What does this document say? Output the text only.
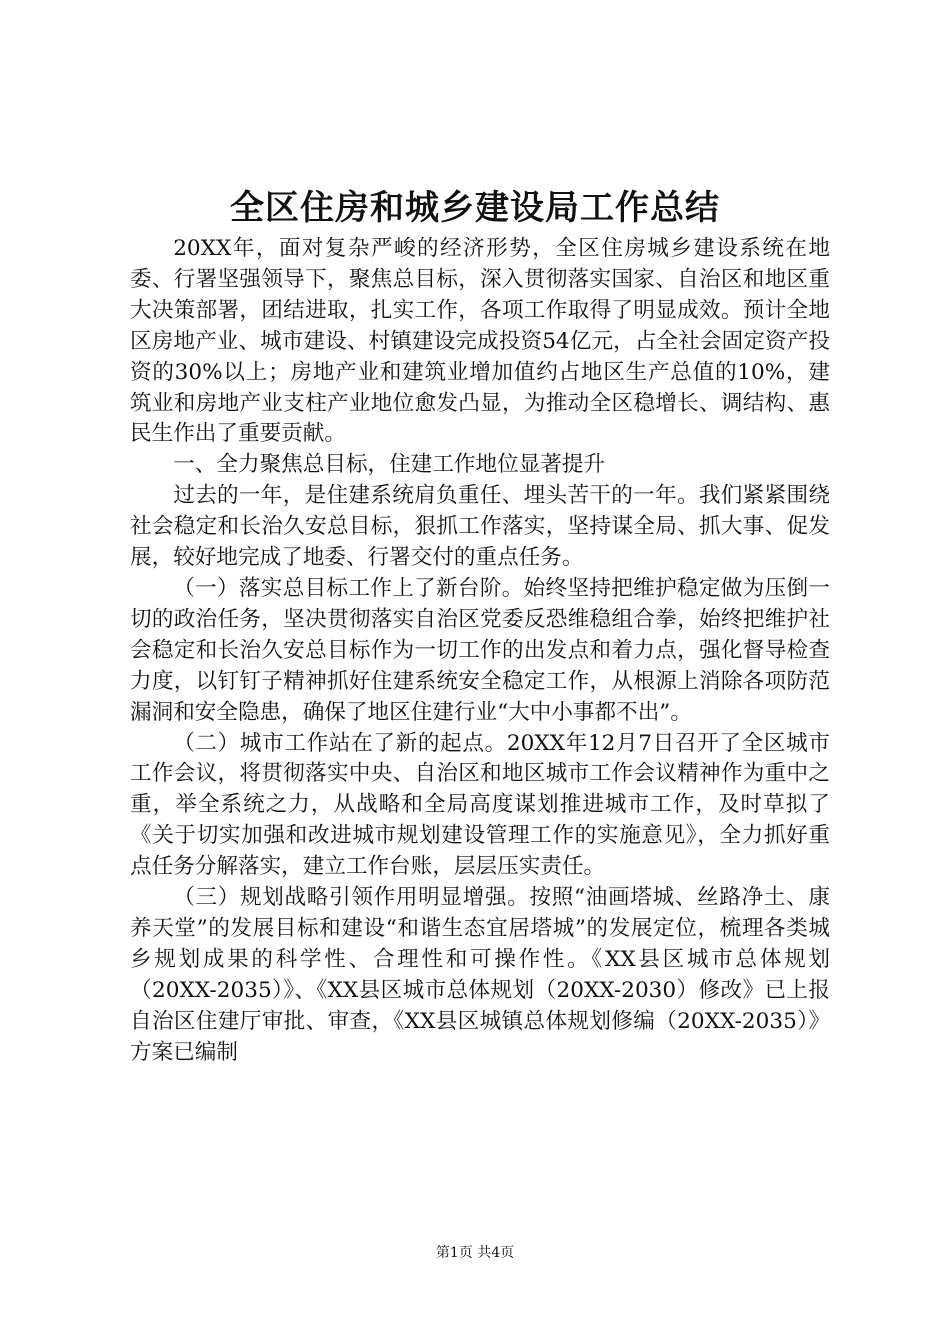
全区住房和城乡建设局工作总结

20XX年，面对复杂严峻的经济形势，全区住房城乡建设系统在地委、行署坚强领导下，聚焦总目标，深入贯彻落实国家、自治区和地区重大决策部署，团结进取，扎实工作，各项工作取得了明显成效。预计全地区房地产业、城市建设、村镇建设完成投资54亿元，占全社会固定资产投资的30%以上；房地产业和建筑业增加值约占地区生产总值的10%，建筑业和房地产业支柱产业地位愈发凸显，为推动全区稳增长、调结构、惠民生作出了重要贡献。

一、全力聚焦总目标，住建工作地位显著提升

过去的一年，是住建系统肩负重任、埋头苦干的一年。我们紧紧围绕社会稳定和长治久安总目标，狠抓工作落实，坚持谋全局、抓大事、促发展，较好地完成了地委、行署交付的重点任务。

（一）落实总目标工作上了新台阶。始终坚持把维护稳定做为压倒一切的政治任务，坚决贯彻落实自治区党委反恐维稳组合拳，始终把维护社会稳定和长治久安总目标作为一切工作的出发点和着力点，强化督导检查力度，以钉钉子精神抓好住建系统安全稳定工作，从根源上消除各项防范漏洞和安全隐患，确保了地区住建行业“大中小事都不出”。

（二）城市工作站在了新的起点。20XX年12月7日召开了全区城市工作会议，将贯彻落实中央、自治区和地区城市工作会议精神作为重中之重，举全系统之力，从战略和全局高度谋划推进城市工作，及时草拟了《关于切实加强和改进城市规划建设管理工作的实施意见》，全力抓好重点任务分解落实，建立工作台账，层层压实责任。

（三）规划战略引领作用明显增强。按照“油画塔城、丝路净土、康养天堂”的发展目标和建设“和谐生态宜居塔城”的发展定位，梳理各类城乡规划成果的科学性、合理性和可操作性。《XX县区城市总体规划（20XX-2035）》、《XX县区城市总体规划（20XX-2030）修改》已上报自治区住建厅审批、审查，《XX县区城镇总体规划修编（20XX-2035）》方案已编制

第1页 共4页
